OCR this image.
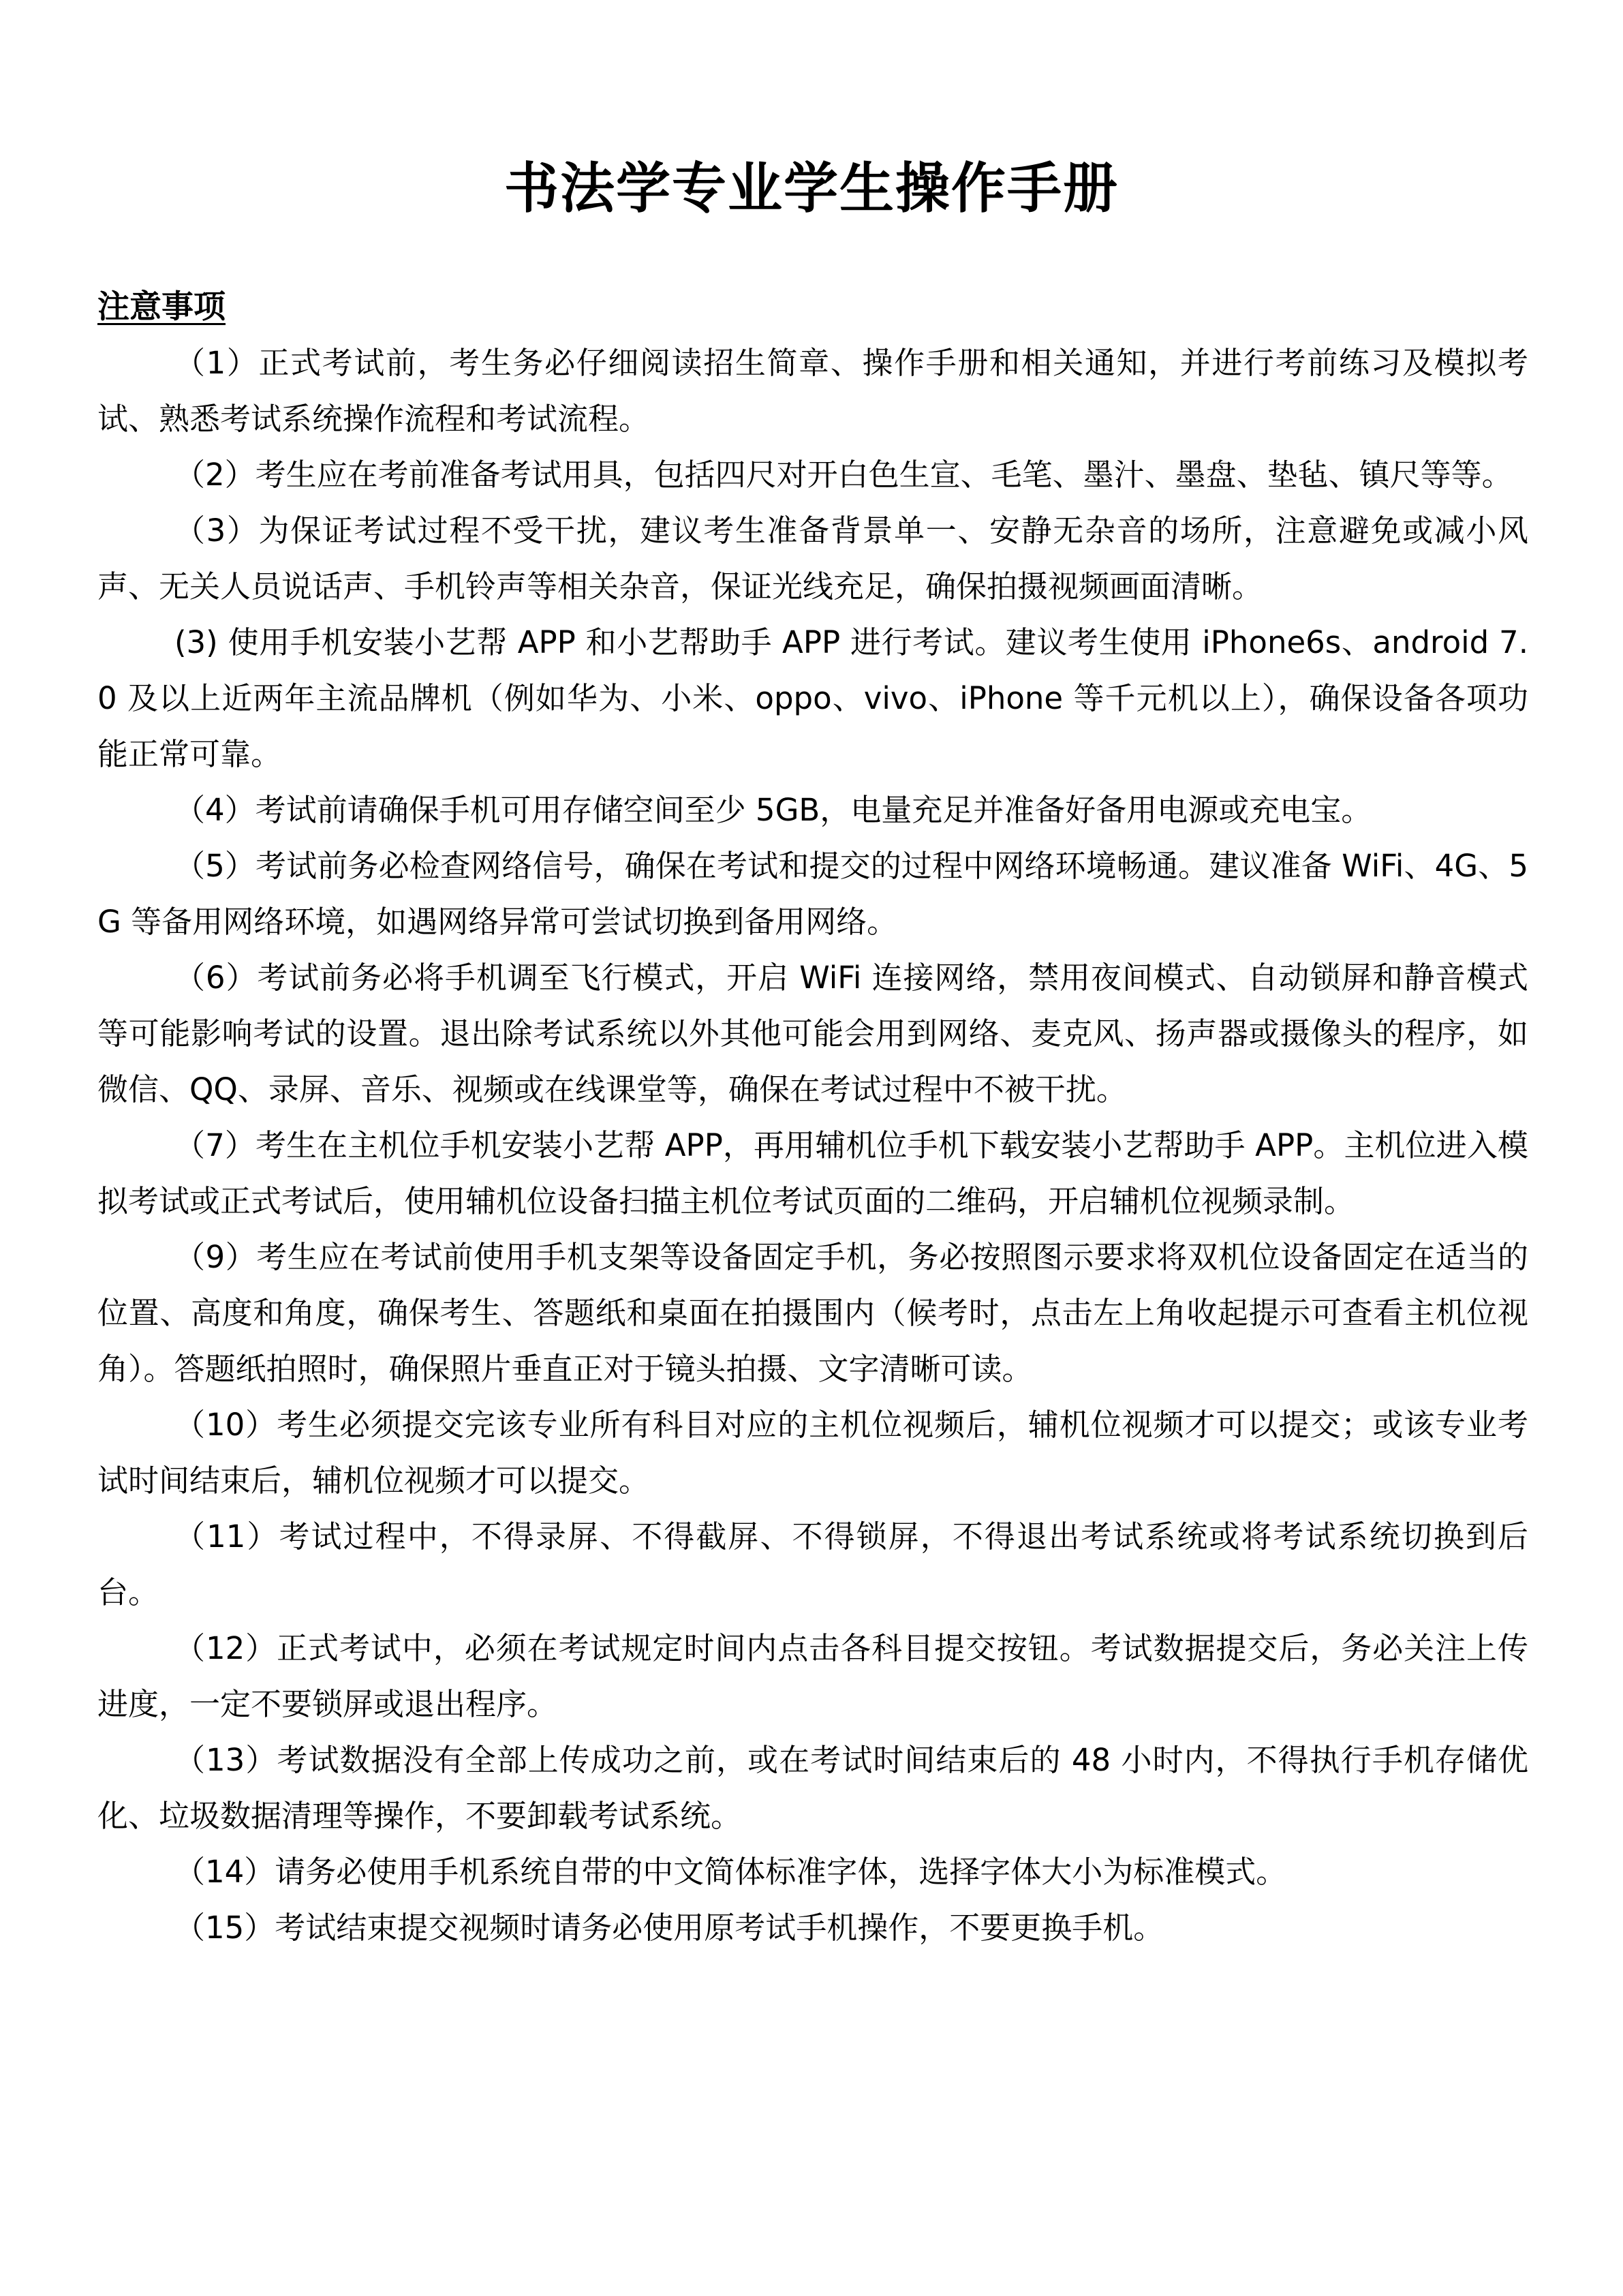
书法学专业学生操作手册
注意事项

（1）正式考试前，考生务必仔细阅读招生简章、操作手册和相关通知，并进行考前练习及模拟考试、熟悉考试系统操作流程和考试流程。

（2）考生应在考前准备考试用具，包括四尺对开白色生宣、毛笔、墨汁、墨盘、垫毡、镇尺等等。

（3）为保证考试过程不受干扰，建议考生准备背景单一、安静无杂音的场所，注意避免或减小风声、无关人员说话声、手机铃声等相关杂音，保证光线充足，确保拍摄视频画面清晰。

(3) 使用手机安装小艺帮 APP 和小艺帮助手 APP 进行考试。建议考生使用 iPhone6s、android 7.0 及以上近两年主流品牌机（例如华为、小米、oppo、vivo、iPhone 等千元机以上），确保设备各项功能正常可靠。

（4）考试前请确保手机可用存储空间至少 5GB，电量充足并准备好备用电源或充电宝。

（5）考试前务必检查网络信号，确保在考试和提交的过程中网络环境畅通。建议准备 WiFi、4G、5G 等备用网络环境，如遇网络异常可尝试切换到备用网络。

（6）考试前务必将手机调至飞行模式，开启 WiFi 连接网络，禁用夜间模式、自动锁屏和静音模式等可能影响考试的设置。退出除考试系统以外其他可能会用到网络、麦克风、扬声器或摄像头的程序，如微信、QQ、录屏、音乐、视频或在线课堂等，确保在考试过程中不被干扰。

（7）考生在主机位手机安装小艺帮 APP，再用辅机位手机下载安装小艺帮助手 APP。主机位进入模拟考试或正式考试后，使用辅机位设备扫描主机位考试页面的二维码，开启辅机位视频录制。

（9）考生应在考试前使用手机支架等设备固定手机，务必按照图示要求将双机位设备固定在适当的位置、高度和角度，确保考生、答题纸和桌面在拍摄围内（候考时，点击左上角收起提示可查看主机位视角）。答题纸拍照时，确保照片垂直正对于镜头拍摄、文字清晰可读。

（10）考生必须提交完该专业所有科目对应的主机位视频后，辅机位视频才可以提交；或该专业考试时间结束后，辅机位视频才可以提交。

（11）考试过程中，不得录屏、不得截屏、不得锁屏，不得退出考试系统或将考试系统切换到后台。

（12）正式考试中，必须在考试规定时间内点击各科目提交按钮。考试数据提交后，务必关注上传进度，一定不要锁屏或退出程序。

（13）考试数据没有全部上传成功之前，或在考试时间结束后的 48 小时内，不得执行手机存储优化、垃圾数据清理等操作，不要卸载考试系统。

（14）请务必使用手机系统自带的中文简体标准字体，选择字体大小为标准模式。

（15）考试结束提交视频时请务必使用原考试手机操作，不要更换手机。
